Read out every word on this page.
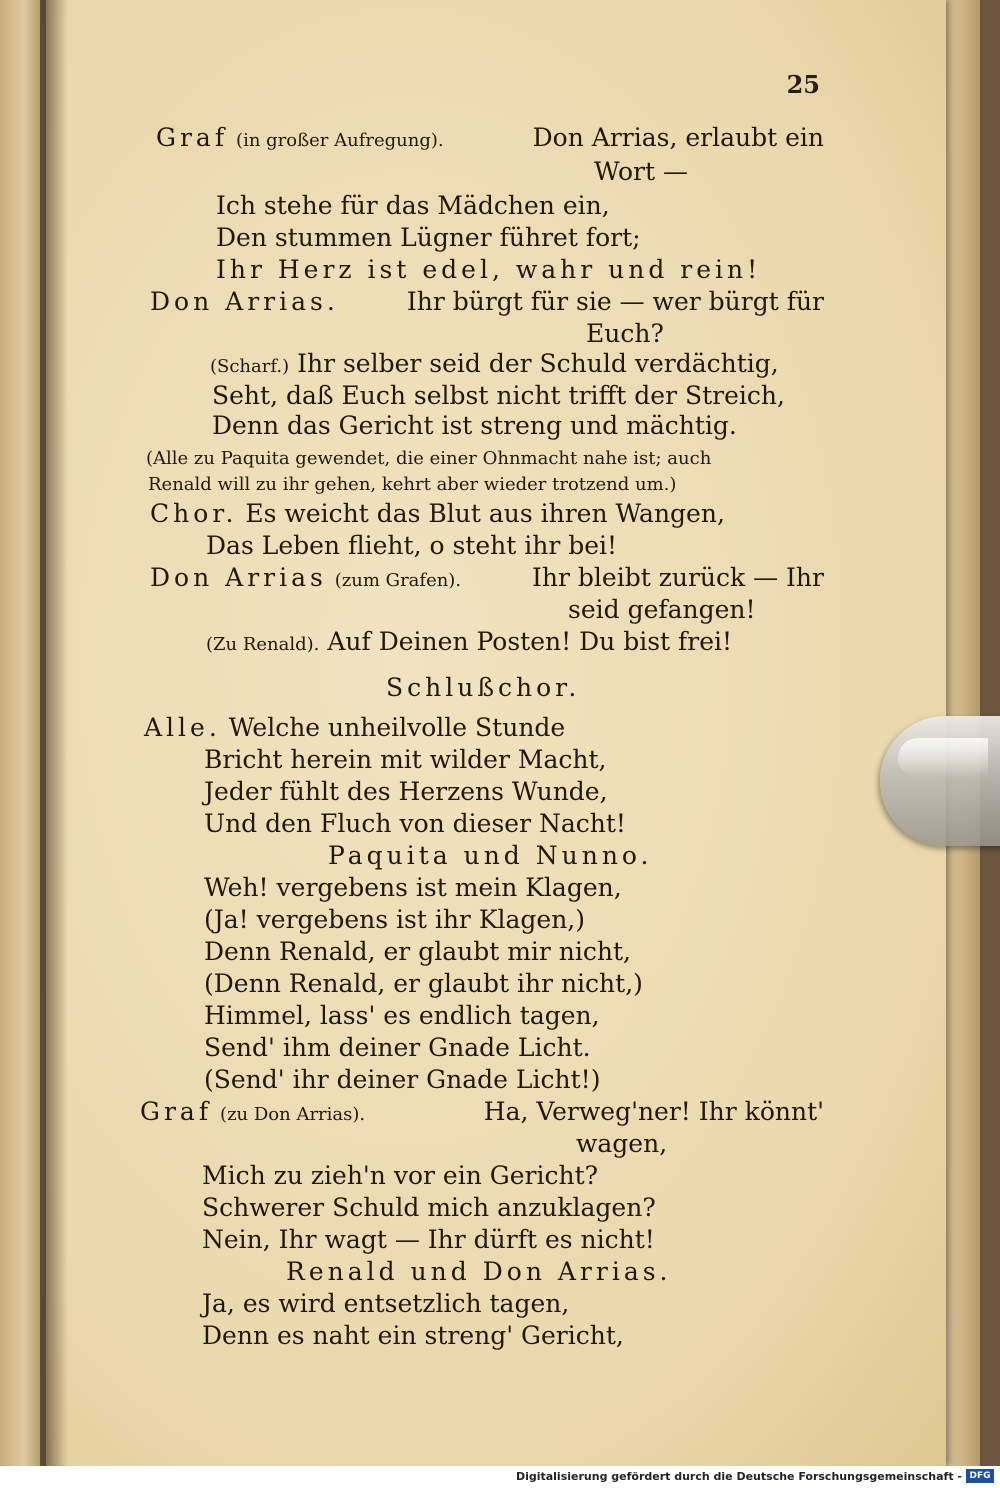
25
Graf (in großer Aufregung).	Don Arrias, erlaubt ein
Wort —
Ich stehe für das Mädchen ein,
Den stummen Lügner führet fort;
Ihr Herz ist edel, wahr und rein!
Don Arrias.	Ihr bürgt für sie — wer bürgt für
Euch?
(Scharf.) Ihr selber seid der Schuld verdächtig,
Seht, daß Euch selbst nicht trifft der Streich,
Denn das Gericht ist streng und mächtig.
(Alle zu Paquita gewendet, die einer Ohnmacht nahe ist; auch
Renald will zu ihr gehen, kehrt aber wieder trotzend um.)
Chor. Es weicht das Blut aus ihren Wangen,
Das Leben flieht, o steht ihr bei!
Don Arrias (zum Grafen).	Ihr bleibt zurück — Ihr
seid gefangen!
(Zu Renald). Auf Deinen Posten! Du bist frei!
Schlußchor.
Alle. Welche unheilvolle Stunde
Bricht herein mit wilder Macht,
Jeder fühlt des Herzens Wunde,
Und den Fluch von dieser Nacht!
Paquita und Nunno.
Weh! vergebens ist mein Klagen,
(Ja! vergebens ist ihr Klagen,)
Denn Renald, er glaubt mir nicht,
(Denn Renald, er glaubt ihr nicht,)
Himmel, lass' es endlich tagen,
Send' ihm deiner Gnade Licht.
(Send' ihr deiner Gnade Licht!)
Graf (zu Don Arrias).	Ha, Verweg'ner! Ihr könnt'
wagen,
Mich zu zieh'n vor ein Gericht?
Schwerer Schuld mich anzuklagen?
Nein, Ihr wagt — Ihr dürft es nicht!
Renald und Don Arrias.
Ja, es wird entsetzlich tagen,
Denn es naht ein streng' Gericht,
Digitalisierung gefördert durch die Deutsche Forschungsgemeinschaft - DFG
